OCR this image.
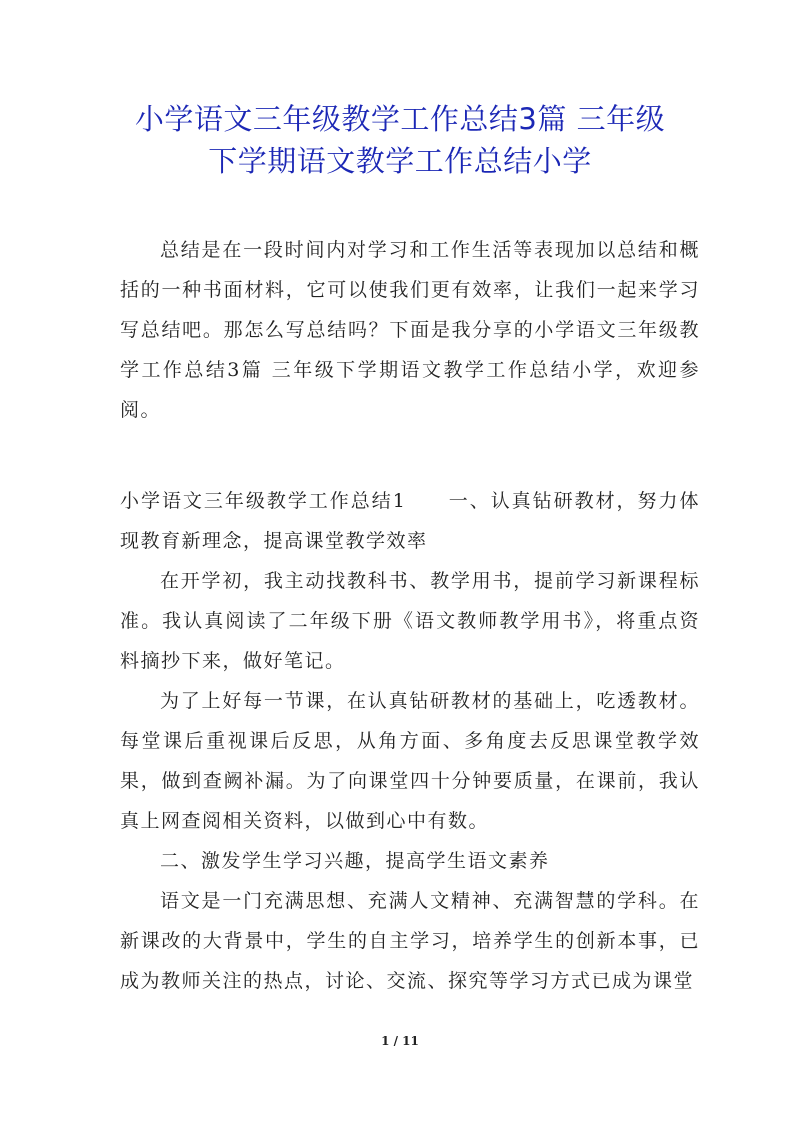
小学语文三年级教学工作总结3篇 三年级
下学期语文教学工作总结小学

总结是在一段时间内对学习和工作生活等表现加以总结和概括的一种书面材料，它可以使我们更有效率，让我们一起来学习写总结吧。那怎么写总结吗？下面是我分享的小学语文三年级教学工作总结3篇 三年级下学期语文教学工作总结小学，欢迎参阅。

小学语文三年级教学工作总结1　　一、认真钻研教材，努力体现教育新理念，提高课堂教学效率

在开学初，我主动找教科书、教学用书，提前学习新课程标准。我认真阅读了二年级下册《语文教师教学用书》，将重点资料摘抄下来，做好笔记。

为了上好每一节课，在认真钻研教材的基础上，吃透教材。每堂课后重视课后反思，从角方面、多角度去反思课堂教学效果，做到查阙补漏。为了向课堂四十分钟要质量，在课前，我认真上网查阅相关资料，以做到心中有数。

二、激发学生学习兴趣，提高学生语文素养

语文是一门充满思想、充满人文精神、充满智慧的学科。在新课改的大背景中，学生的自主学习，培养学生的创新本事，已成为教师关注的热点，讨论、交流、探究等学习方式已成为课堂

1 / 11
